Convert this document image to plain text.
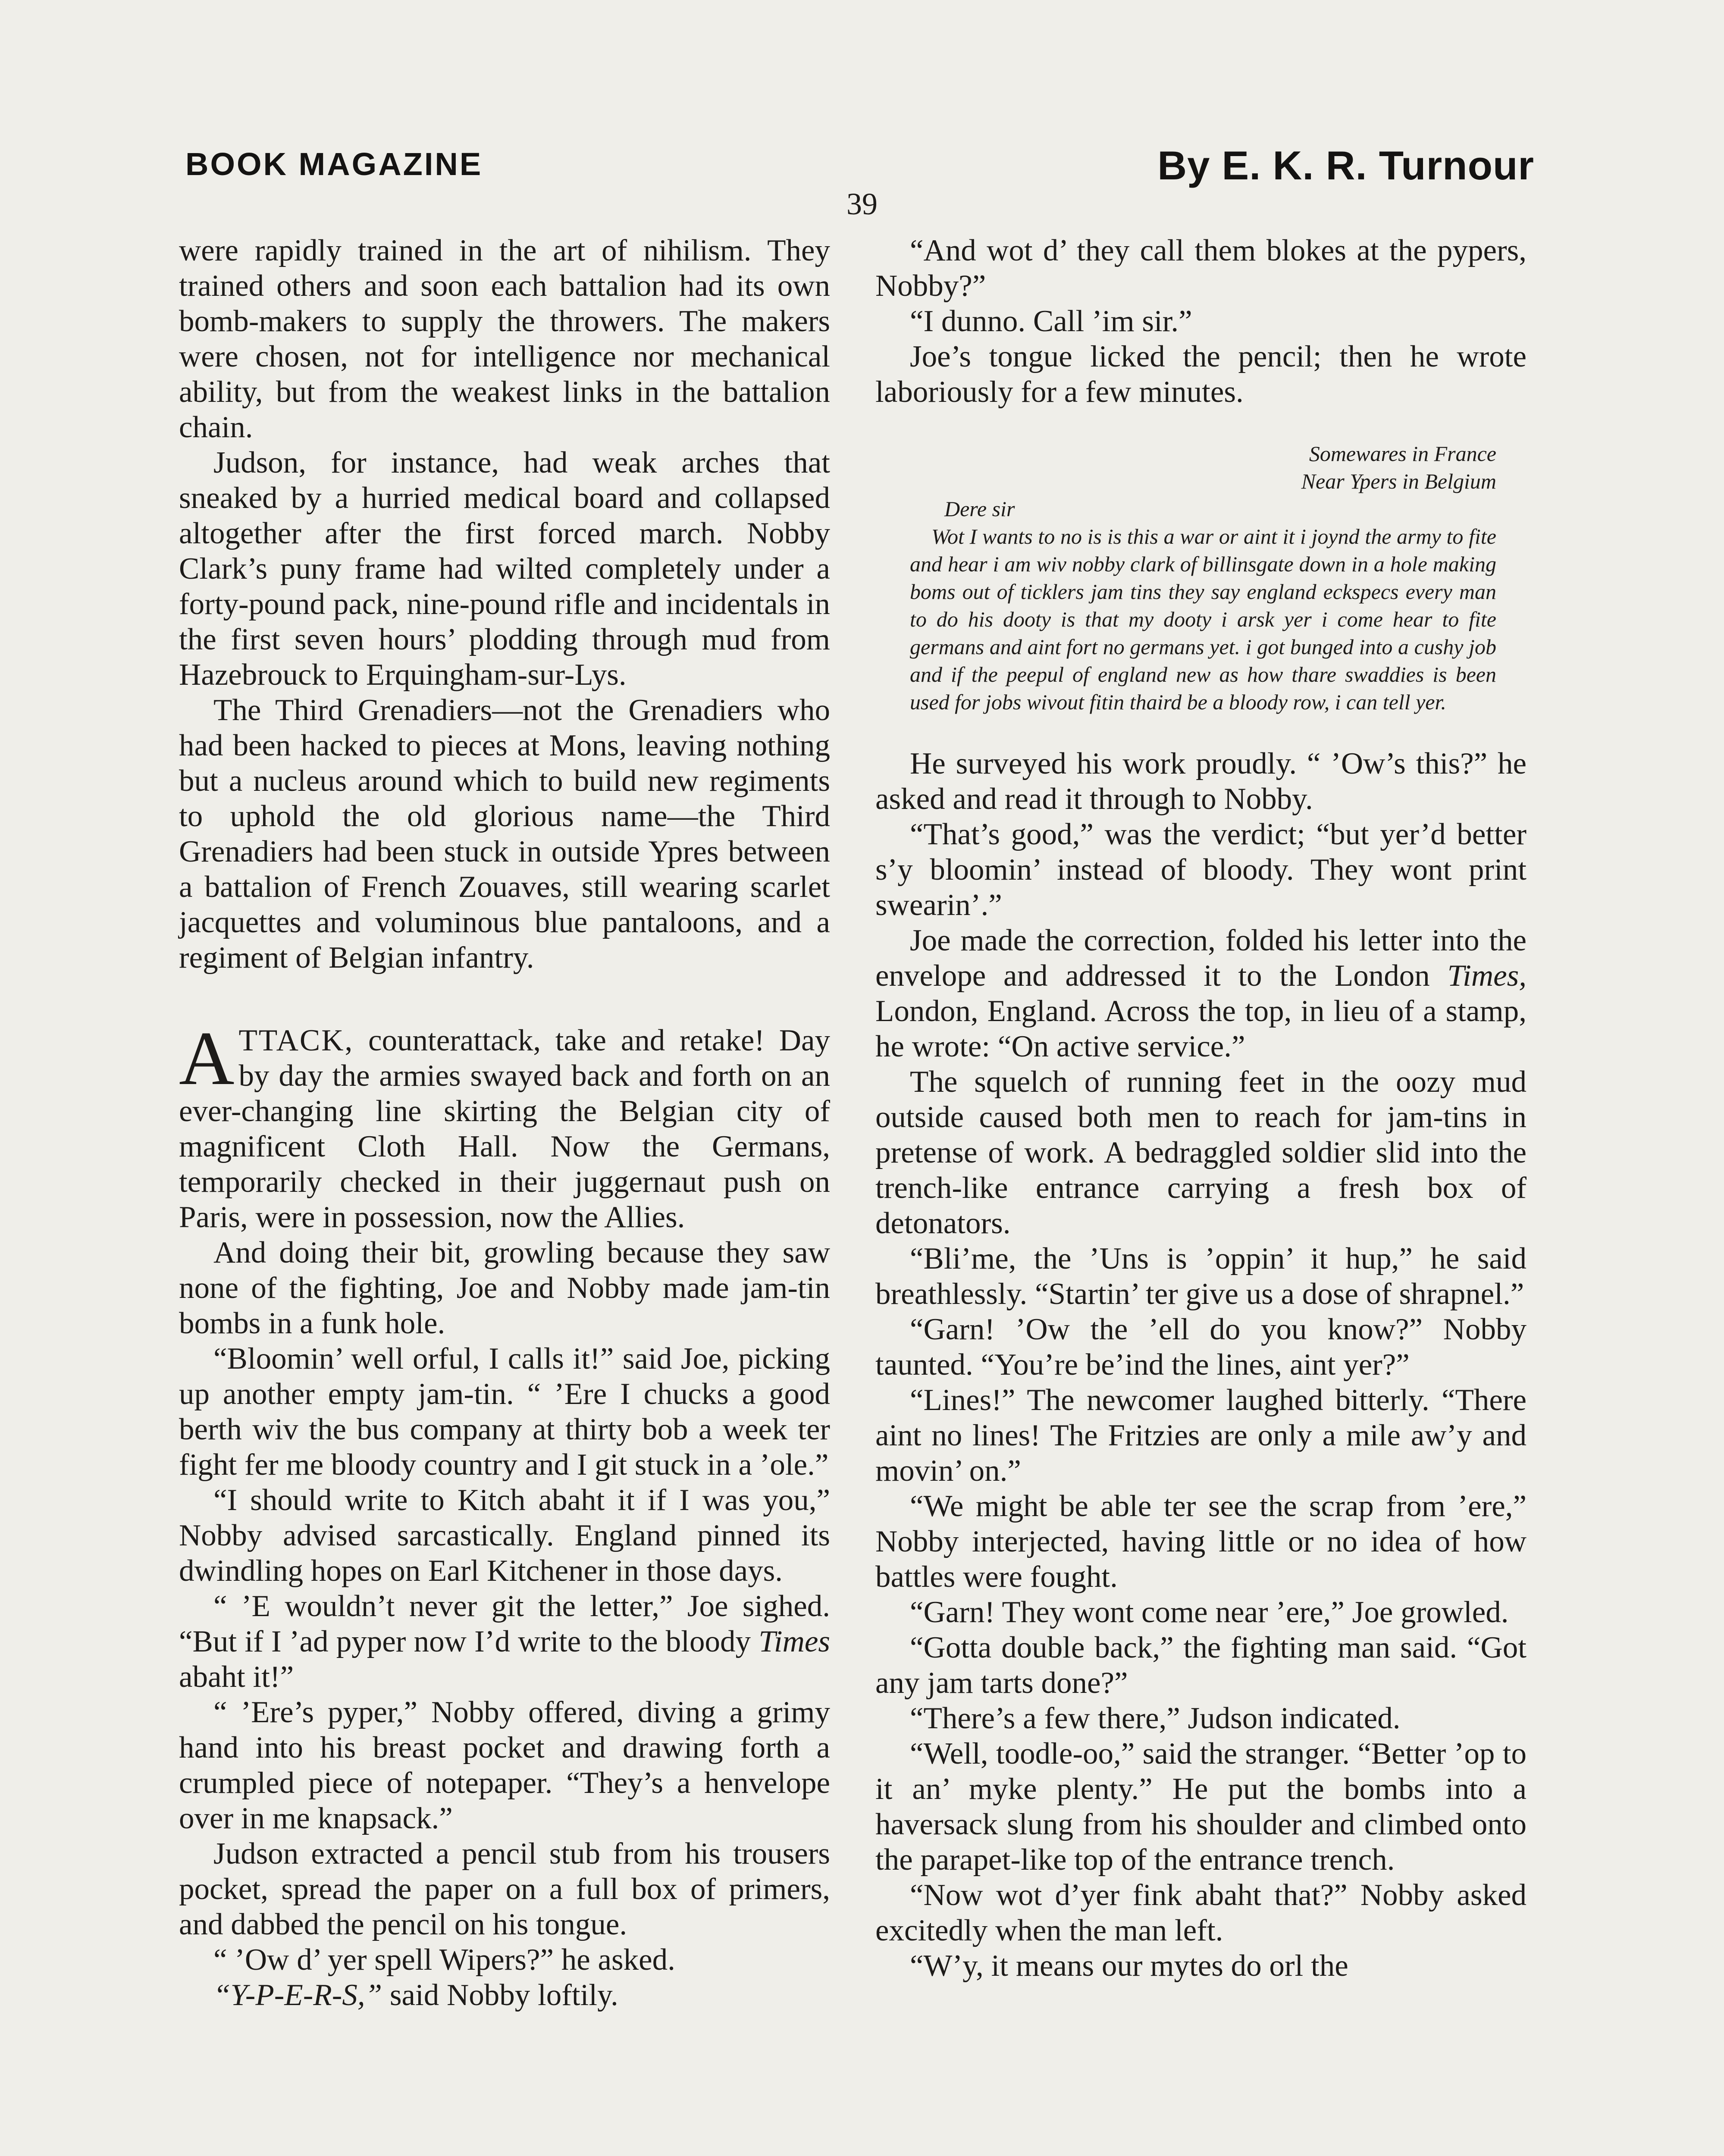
BOOK MAGAZINE	By E. K. R. Turnour
39

were rapidly trained in the art of nihilism. They trained others and soon each battalion had its own bomb-makers to supply the throwers. The makers were chosen, not for intelligence nor mechanical ability, but from the weakest links in the battalion chain.

Judson, for instance, had weak arches that sneaked by a hurried medical board and collapsed altogether after the first forced march. Nobby Clark’s puny frame had wilted completely under a forty-pound pack, nine-pound rifle and incidentals in the first seven hours’ plodding through mud from Hazebrouck to Erquingham-sur-Lys.

The Third Grenadiers—not the Grenadiers who had been hacked to pieces at Mons, leaving nothing but a nucleus around which to build new regiments to uphold the old glorious name—the Third Grenadiers had been stuck in outside Ypres between a battalion of French Zouaves, still wearing scarlet jacquettes and voluminous blue pantaloons, and a regiment of Belgian infantry.

ATTACK, counterattack, take and retake! Day by day the armies swayed back and forth on an ever-changing line skirting the Belgian city of magnificent Cloth Hall. Now the Germans, temporarily checked in their juggernaut push on Paris, were in possession, now the Allies.

And doing their bit, growling because they saw none of the fighting, Joe and Nobby made jam-tin bombs in a funk hole.

“Bloomin’ well orful, I calls it!” said Joe, picking up another empty jam-tin. “ ’Ere I chucks a good berth wiv the bus company at thirty bob a week ter fight fer me bloody country and I git stuck in a ’ole.”

“I should write to Kitch abaht it if I was you,” Nobby advised sarcastically. England pinned its dwindling hopes on Earl Kitchener in those days.

“ ’E wouldn’t never git the letter,” Joe sighed. “But if I ’ad pyper now I’d write to the bloody Times abaht it!”

“ ’Ere’s pyper,” Nobby offered, diving a grimy hand into his breast pocket and drawing forth a crumpled piece of notepaper. “They’s a henvelope over in me knapsack.”

Judson extracted a pencil stub from his trousers pocket, spread the paper on a full box of primers, and dabbed the pencil on his tongue.

“ ’Ow d’ yer spell Wipers?” he asked.

“Y-P-E-R-S,” said Nobby loftily.

“And wot d’ they call them blokes at the pypers, Nobby?”

“I dunno. Call ’im sir.”

Joe’s tongue licked the pencil; then he wrote laboriously for a few minutes.

Somewares in France

Near Ypers in Belgium

Dere sir

Wot I wants to no is is this a war or aint it i joynd the army to fite and hear i am wiv nobby clark of billinsgate down in a hole making boms out of ticklers jam tins they say england eckspecs every man to do his dooty is that my dooty i arsk yer i come hear to fite germans and aint fort no germans yet. i got bunged into a cushy job and if the peepul of england new as how thare swaddies is been used for jobs wivout fitin thaird be a bloody row, i can tell yer.

He surveyed his work proudly. “ ’Ow’s this?” he asked and read it through to Nobby.

“That’s good,” was the verdict; “but yer’d better s’y bloomin’ instead of bloody. They wont print swearin’.”

Joe made the correction, folded his letter into the envelope and addressed it to the London Times, London, England. Across the top, in lieu of a stamp, he wrote: “On active service.”

The squelch of running feet in the oozy mud outside caused both men to reach for jam-tins in pretense of work. A bedraggled soldier slid into the trench-like entrance carrying a fresh box of detonators.

“Bli’me, the ’Uns is ’oppin’ it hup,” he said breathlessly. “Startin’ ter give us a dose of shrapnel.”

“Garn! ’Ow the ’ell do you know?” Nobby taunted. “You’re be’ind the lines, aint yer?”

“Lines!” The newcomer laughed bitterly. “There aint no lines! The Fritzies are only a mile aw’y and movin’ on.”

“We might be able ter see the scrap from ’ere,” Nobby interjected, having little or no idea of how battles were fought.

“Garn! They wont come near ’ere,” Joe growled.

“Gotta double back,” the fighting man said. “Got any jam tarts done?”

“There’s a few there,” Judson indicated.

“Well, toodle-oo,” said the stranger. “Better ’op to it an’ myke plenty.” He put the bombs into a haversack slung from his shoulder and climbed onto the parapet-like top of the entrance trench.

“Now wot d’yer fink abaht that?” Nobby asked excitedly when the man left.

“W’y, it means our mytes do orl the
